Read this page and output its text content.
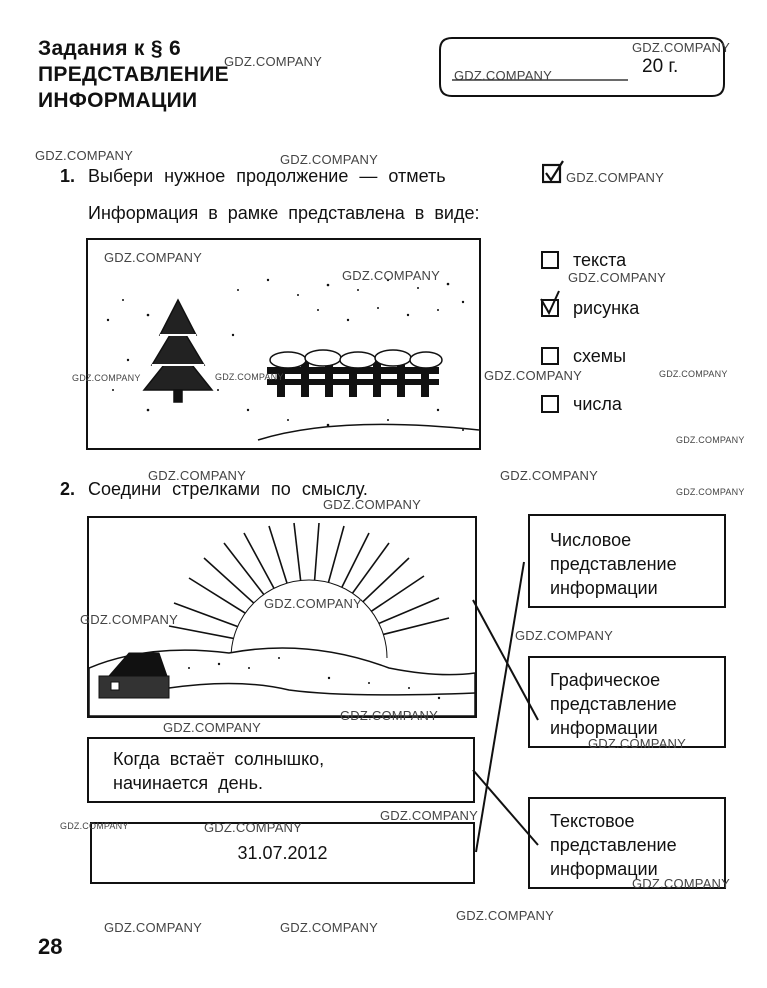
Задания к § 6
ПРЕДСТАВЛЕНИЕ
ИНФОРМАЦИИ
20 г.
1. Выбери нужное продолжение — отметь
Информация в рамке представлена в виде:
текста
рисунка
схемы
числа
2. Соедини стрелками по смыслу.
Когда встаёт солнышко,
начинается день.
31.07.2012
Числовое
представление
информации
Графическое
представление
информации
Текстовое
представление
информации
28
GDZ.COMPANY
GDZ.COMPANY
GDZ.COMPANY
GDZ.COMPANY	GDZ.COMPANY
GDZ.COMPANY
GDZ.COMPANY
GDZ.COMPANY	GDZ.COMPANY
GDZ.COMPANY	GDZ.COMPANY	GDZ.COMPANY	GDZ.COMPANY
GDZ.COMPANY
GDZ.COMPANY	GDZ.COMPANY
GDZ.COMPANY
GDZ.COMPANY
GDZ.COMPANY
GDZ.COMPANY
GDZ.COMPANY
GDZ.COMPANY
GDZ.COMPANY
GDZ.COMPANY
GDZ.COMPANY
GDZ.COMPANY	GDZ.COMPANY
GDZ.COMPANY
GDZ.COMPANY
GDZ.COMPANY	GDZ.COMPANY
